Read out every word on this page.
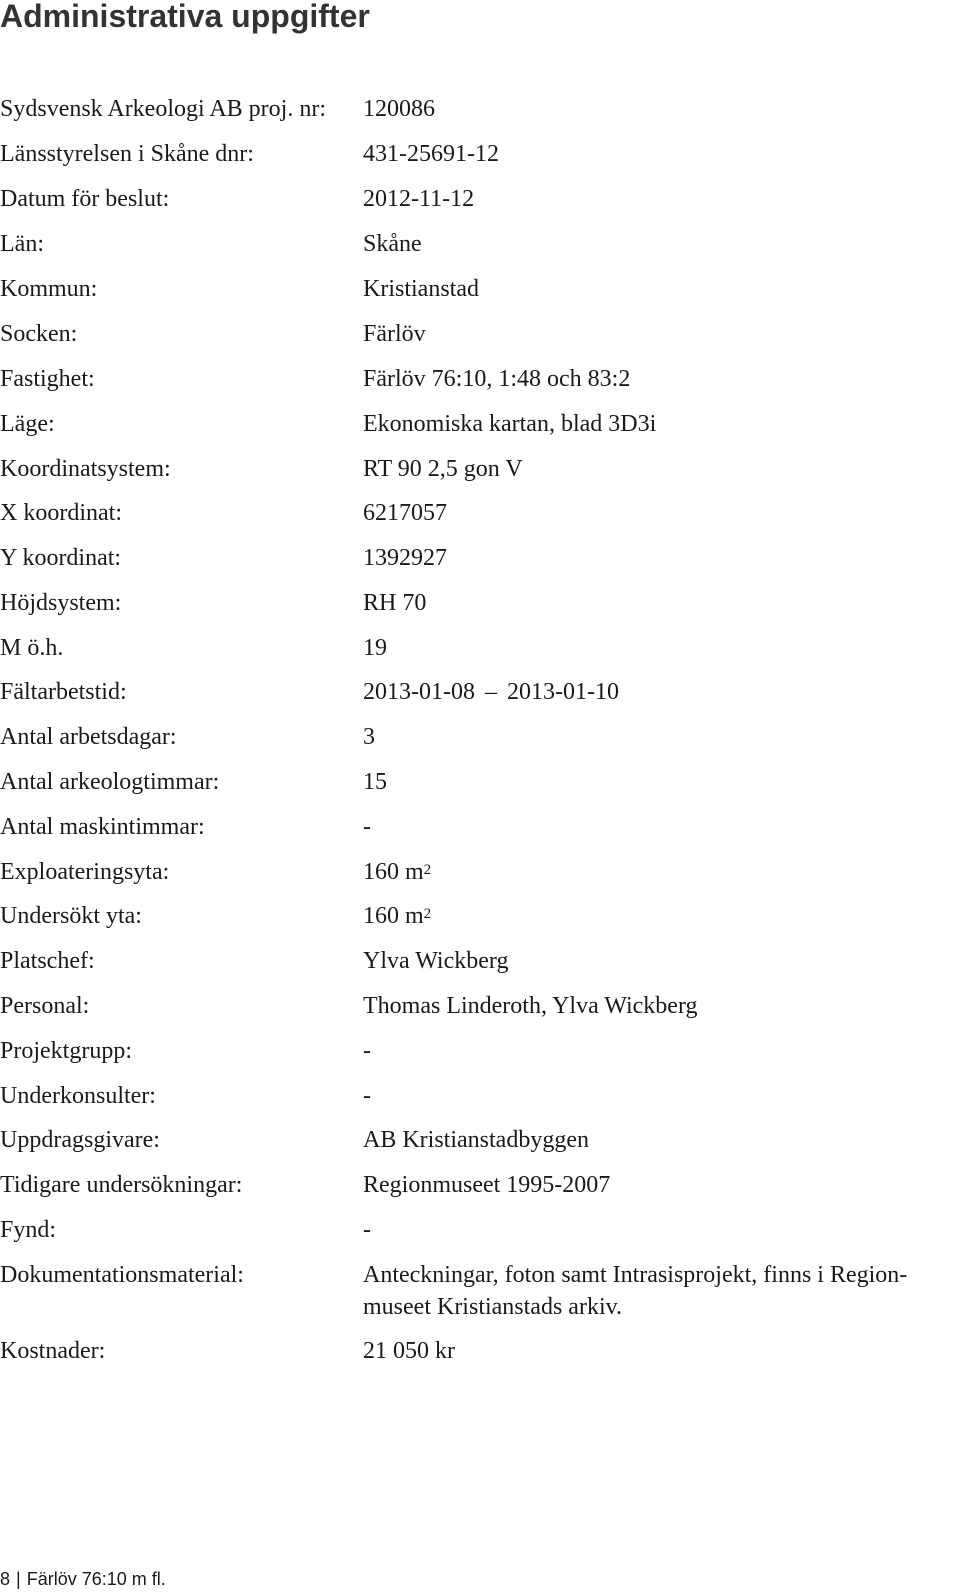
Administrativa uppgifter
Sydsvensk Arkeologi AB proj. nr: 120086
Länsstyrelsen i Skåne dnr:	431-25691-12
Datum för beslut:	2012-11-12
Län:	Skåne
Kommun:	Kristianstad
Socken:	Färlöv
Fastighet:	Färlöv 76:10, 1:48 och 83:2
Läge:	Ekonomiska kartan, blad 3D3i
Koordinatsystem:	RT 90 2,5 gon V
X koordinat:	6217057
Y koordinat:	1392927
Höjdsystem:	RH 70
M ö.h.	19
Fältarbetstid:	2013-01-08 – 2013-01-10
Antal arbetsdagar:	3
Antal arkeologtimmar:	15
Antal maskintimmar:	-
Exploateringsyta:	160 $m^2$
Undersökt yta:	160 $m^2$
Platschef:	Ylva Wickberg
Personal:	Thomas Linderoth, Ylva Wickberg
Projektgrupp:	-
Underkonsulter:	-
Uppdragsgivare:	AB Kristianstadbyggen
Tidigare undersökningar:	Regionmuseet 1995-2007
Fynd:	-
Dokumentationsmaterial:	Anteckningar, foton samt Intrasisprojekt, finns i Region-museet Kristianstads arkiv.
Kostnader:	21 050 kr
8 | Färlöv 76:10 m fl.
